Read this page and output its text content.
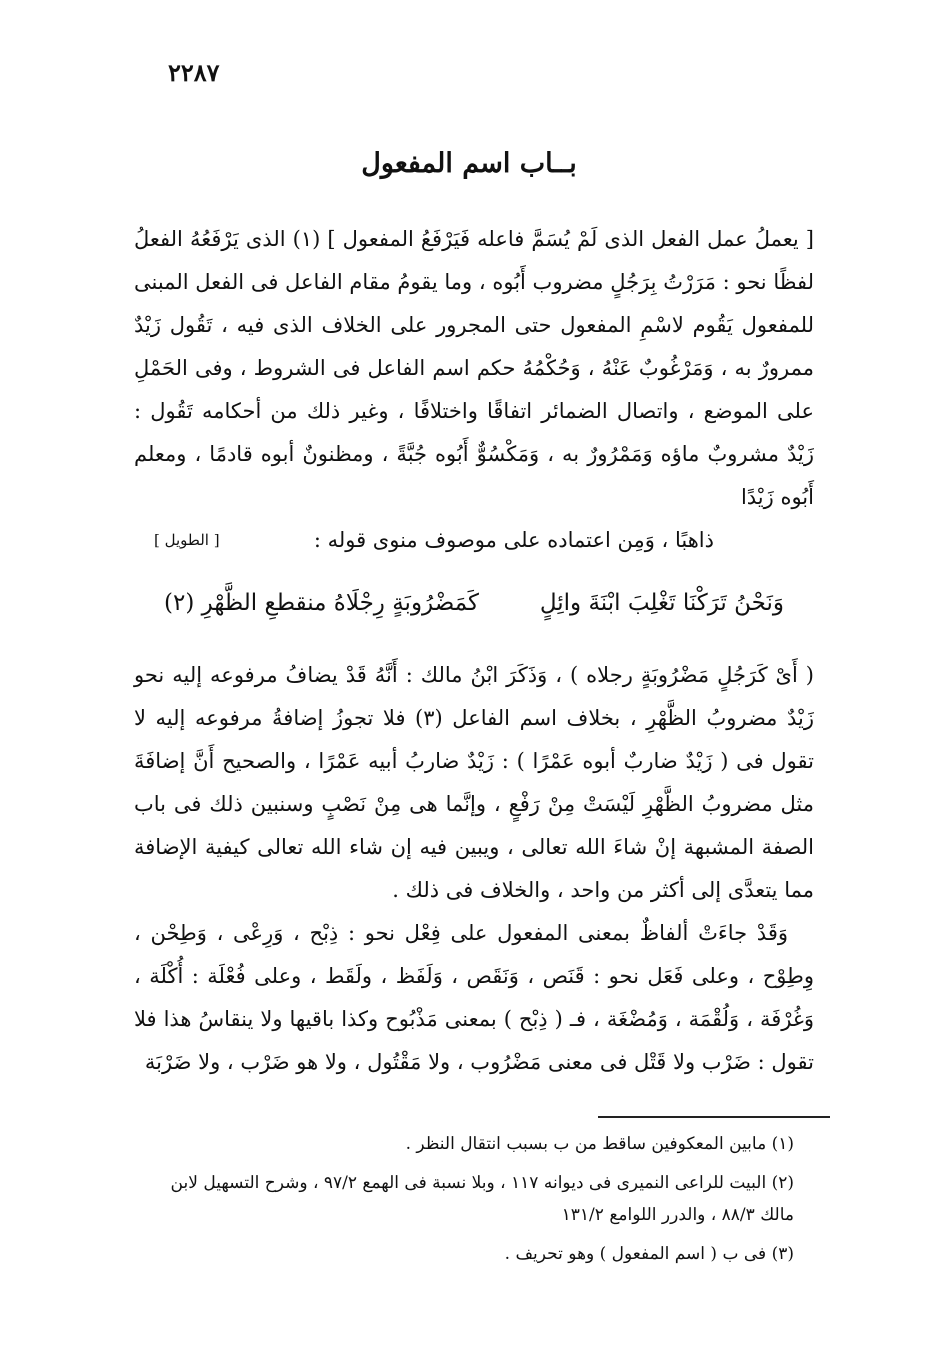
٢٢٨٧
بــاب اسم المفعول

[ يعملُ عمل الفعل الذى لَمْ يُسَمَّ فاعله فَيَرْفَعُ المفعول ] (١) الذى يَرْفَعُهُ الفعلُ لفظًا نحو : مَرَرْتُ بِرَجُلٍ مضروب أَبُوه ، وما يقومُ مقام الفاعل فى الفعل المبنى للمفعول يَقُوم لاسْمِ المفعول حتى المجرور على الخلاف الذى فيه ، تَقُول زَيْدٌ ممرورٌ به ، وَمَرْغُوبٌ عَنْهُ ، وَحُكْمُهُ حكم اسم الفاعل فى الشروط ، وفى الحَمْلِ على الموضع ، واتصال الضمائر اتفاقًا واختلافًا ، وغير ذلك من أحكامه تَقُول : زَيْدٌ مشروبٌ ماؤه وَمَمْرُورٌ به ، وَمَكْسُوٌّ أَبُوه جُبَّةً ، ومظنونٌ أبوه قادمًا ، ومعلم أَبُوه زَيْدًا

ذاهبًا ، وَمِن اعتماده على موصوف منوى قوله :
[ الطويل ]
وَنَحْنُ تَرَكْنَا تَغْلِبَ ابْنَةَ وائِلٍ
كَمَضْرُوبَةٍ رِجْلَاهُ منقطعِ الظَّهْرِ (٢)

( أَىْ كَرَجُلٍ مَضْرُوبَةٍ رجلاه ) ، وَذَكَرَ ابْنُ مالك : أَنَّهُ قَدْ يضافُ مرفوعه إليه نحو زَيْدٌ مضروبُ الظَّهْرِ ، بخلاف اسم الفاعل (٣) فلا تجوزُ إضافةُ مرفوعه إليه لا تقول فى ( زَيْدٌ ضاربٌ أبوه عَمْرًا ) : زَيْدٌ ضاربُ أبيه عَمْرًا ، والصحيح أَنَّ إضافَةَ مثل مضروبُ الظَّهْرِ لَيْسَتْ مِنْ رَفْعٍ ، وإنَّما هى مِنْ نَصْبٍ وسنبين ذلك فى باب الصفة المشبهة إنْ شاءَ الله تعالى ، ويبين فيه إن شاء الله تعالى كيفية الإضافة مما يتعدَّى إلى أكثر من واحد ، والخلاف فى ذلك .

وَقَدْ جاءَتْ ألفاظٌ بمعنى المفعول على فِعْل نحو : ذِبْح ، وَرِعْى ، وَطِحْن ، وِطِوْح ، وعلى فَعَل نحو : قَنَص ، وَنَقَص ، وَلَفَظ ، ولَقَط ، وعلى فُعْلَة : أُكْلَة ، وَغُرْفَة ، وَلُقْمَة ، وَمُضْغَة ، فـ ( ذِبْح ) بمعنى مَذْبُوح وكذا باقيها ولا ينقاسُ هذا فلا تقول : ضَرْب ولا قَتْل فى معنى مَضْرُوب ، ولا مَقْتُول ، ولا هو ضَرْب ، ولا ضَرْبَة

(١) مابين المعكوفين ساقط من ب بسبب انتقال النظر .

(٢) البيت للراعى النميرى فى ديوانه ١١٧ ، وبلا نسبة فى الهمع ٩٧/٢ ، وشرح التسهيل لابن مالك ٨٨/٣ ، والدرر اللوامع ١٣١/٢

(٣) فى ب ( اسم المفعول ) وهو تحريف .
